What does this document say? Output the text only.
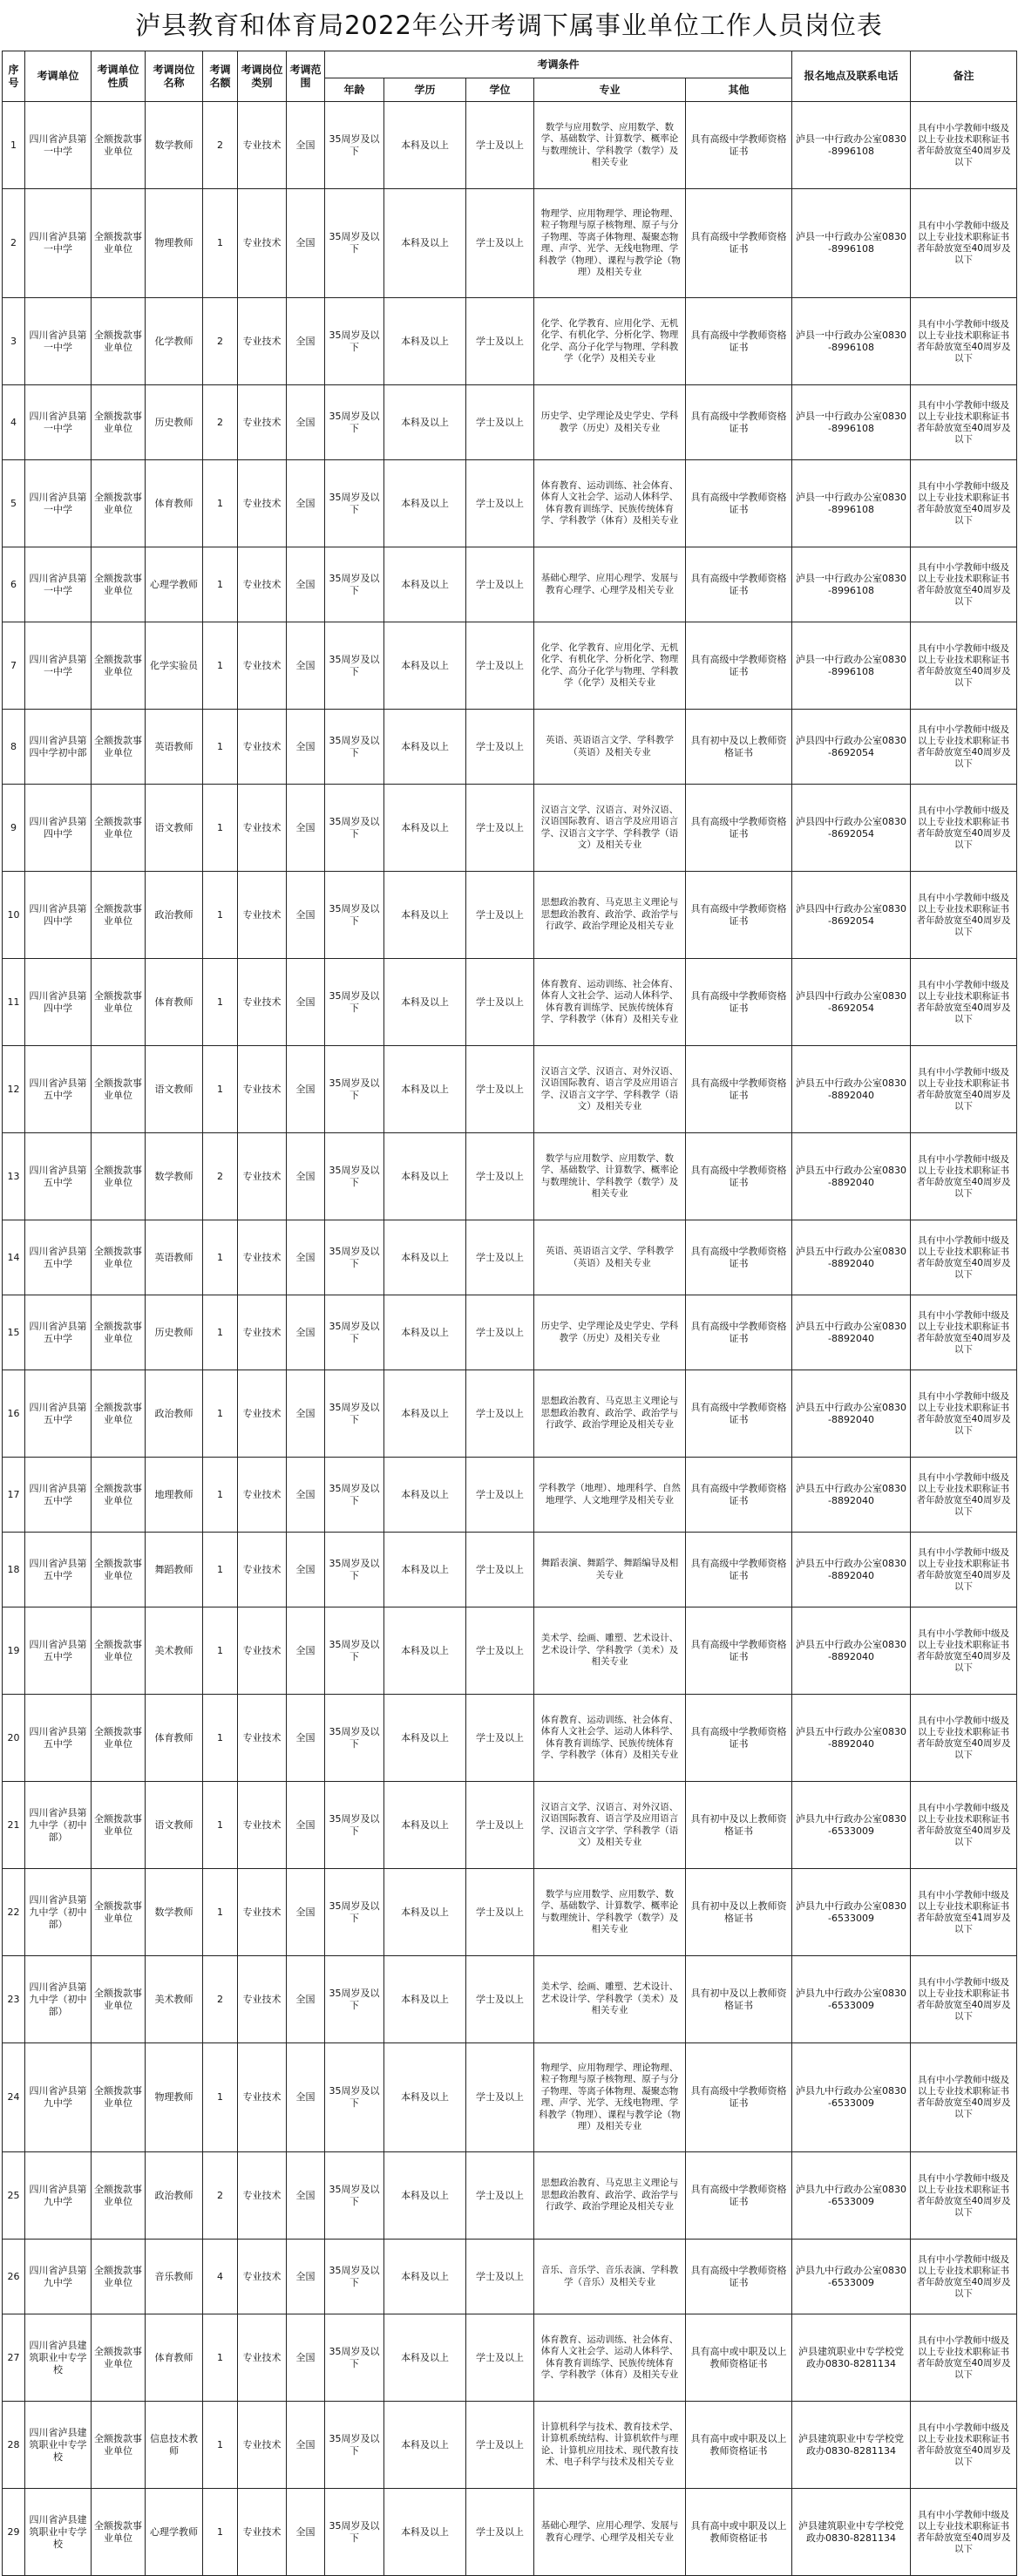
泸县教育和体育局2022年公开考调下属事业单位工作人员岗位表
序号	考调单位	考调单位性质	考调岗位名称	考调名额	考调岗位类别	考调范围	考调条件					报名地点及联系电话	备注
							年龄	学历	学位	专业	其他		
1	四川省泸县第一中学	全额拨款事业单位	数学教师	2	专业技术	全国	35周岁及以下	本科及以上	学士及以上	数学与应用数学、应用数学、数学、基础数学、计算数学、概率论与数理统计、学科教学（数学）及相关专业	具有高级中学教师资格证书	泸县一中行政办公室0830-8996108	具有中小学教师中级及以上专业技术职称证书者年龄放宽至40周岁及以下
2	四川省泸县第一中学	全额拨款事业单位	物理教师	1	专业技术	全国	35周岁及以下	本科及以上	学士及以上	物理学、应用物理学、理论物理、粒子物理与原子核物理、原子与分子物理、等离子体物理、凝聚态物理、声学、光学、无线电物理、学科教学（物理）、课程与教学论（物理）及相关专业	具有高级中学教师资格证书	泸县一中行政办公室0830-8996108	具有中小学教师中级及以上专业技术职称证书者年龄放宽至40周岁及以下
3	四川省泸县第一中学	全额拨款事业单位	化学教师	2	专业技术	全国	35周岁及以下	本科及以上	学士及以上	化学、化学教育、应用化学、无机化学、有机化学、分析化学、物理化学、高分子化学与物理、学科教学（化学）及相关专业	具有高级中学教师资格证书	泸县一中行政办公室0830-8996108	具有中小学教师中级及以上专业技术职称证书者年龄放宽至40周岁及以下
4	四川省泸县第一中学	全额拨款事业单位	历史教师	2	专业技术	全国	35周岁及以下	本科及以上	学士及以上	历史学、史学理论及史学史、学科教学（历史）及相关专业	具有高级中学教师资格证书	泸县一中行政办公室0830-8996108	具有中小学教师中级及以上专业技术职称证书者年龄放宽至40周岁及以下
5	四川省泸县第一中学	全额拨款事业单位	体育教师	1	专业技术	全国	35周岁及以下	本科及以上	学士及以上	体育教育、运动训练、社会体育、体育人文社会学、运动人体科学、体育教育训练学、民族传统体育学、学科教学（体育）及相关专业	具有高级中学教师资格证书	泸县一中行政办公室0830-8996108	具有中小学教师中级及以上专业技术职称证书者年龄放宽至40周岁及以下
6	四川省泸县第一中学	全额拨款事业单位	心理学教师	1	专业技术	全国	35周岁及以下	本科及以上	学士及以上	基础心理学、应用心理学、发展与教育心理学、心理学及相关专业	具有高级中学教师资格证书	泸县一中行政办公室0830-8996108	具有中小学教师中级及以上专业技术职称证书者年龄放宽至40周岁及以下
7	四川省泸县第一中学	全额拨款事业单位	化学实验员	1	专业技术	全国	35周岁及以下	本科及以上	学士及以上	化学、化学教育、应用化学、无机化学、有机化学、分析化学、物理化学、高分子化学与物理、学科教学（化学）及相关专业	具有高级中学教师资格证书	泸县一中行政办公室0830-8996108	具有中小学教师中级及以上专业技术职称证书者年龄放宽至40周岁及以下
8	四川省泸县第四中学初中部	全额拨款事业单位	英语教师	1	专业技术	全国	35周岁及以下	本科及以上	学士及以上	英语、英语语言文学、学科教学（英语）及相关专业	具有初中及以上教师资格证书	泸县四中行政办公室0830-8692054	具有中小学教师中级及以上专业技术职称证书者年龄放宽至40周岁及以下
9	四川省泸县第四中学	全额拨款事业单位	语文教师	1	专业技术	全国	35周岁及以下	本科及以上	学士及以上	汉语言文学、汉语言、对外汉语、汉语国际教育、语言学及应用语言学、汉语言文字学、学科教学（语文）及相关专业	具有高级中学教师资格证书	泸县四中行政办公室0830-8692054	具有中小学教师中级及以上专业技术职称证书者年龄放宽至40周岁及以下
10	四川省泸县第四中学	全额拨款事业单位	政治教师	1	专业技术	全国	35周岁及以下	本科及以上	学士及以上	思想政治教育、马克思主义理论与思想政治教育、政治学、政治学与行政学、政治学理论及相关专业	具有高级中学教师资格证书	泸县四中行政办公室0830-8692054	具有中小学教师中级及以上专业技术职称证书者年龄放宽至40周岁及以下
11	四川省泸县第四中学	全额拨款事业单位	体育教师	1	专业技术	全国	35周岁及以下	本科及以上	学士及以上	体育教育、运动训练、社会体育、体育人文社会学、运动人体科学、体育教育训练学、民族传统体育学、学科教学（体育）及相关专业	具有高级中学教师资格证书	泸县四中行政办公室0830-8692054	具有中小学教师中级及以上专业技术职称证书者年龄放宽至40周岁及以下
12	四川省泸县第五中学	全额拨款事业单位	语文教师	1	专业技术	全国	35周岁及以下	本科及以上	学士及以上	汉语言文学、汉语言、对外汉语、汉语国际教育、语言学及应用语言学、汉语言文字学、学科教学（语文）及相关专业	具有高级中学教师资格证书	泸县五中行政办公室0830-8892040	具有中小学教师中级及以上专业技术职称证书者年龄放宽至40周岁及以下
13	四川省泸县第五中学	全额拨款事业单位	数学教师	2	专业技术	全国	35周岁及以下	本科及以上	学士及以上	数学与应用数学、应用数学、数学、基础数学、计算数学、概率论与数理统计、学科教学（数学）及相关专业	具有高级中学教师资格证书	泸县五中行政办公室0830-8892040	具有中小学教师中级及以上专业技术职称证书者年龄放宽至40周岁及以下
14	四川省泸县第五中学	全额拨款事业单位	英语教师	1	专业技术	全国	35周岁及以下	本科及以上	学士及以上	英语、英语语言文学、学科教学（英语）及相关专业	具有高级中学教师资格证书	泸县五中行政办公室0830-8892040	具有中小学教师中级及以上专业技术职称证书者年龄放宽至40周岁及以下
15	四川省泸县第五中学	全额拨款事业单位	历史教师	1	专业技术	全国	35周岁及以下	本科及以上	学士及以上	历史学、史学理论及史学史、学科教学（历史）及相关专业	具有高级中学教师资格证书	泸县五中行政办公室0830-8892040	具有中小学教师中级及以上专业技术职称证书者年龄放宽至40周岁及以下
16	四川省泸县第五中学	全额拨款事业单位	政治教师	1	专业技术	全国	35周岁及以下	本科及以上	学士及以上	思想政治教育、马克思主义理论与思想政治教育、政治学、政治学与行政学、政治学理论及相关专业	具有高级中学教师资格证书	泸县五中行政办公室0830-8892040	具有中小学教师中级及以上专业技术职称证书者年龄放宽至40周岁及以下
17	四川省泸县第五中学	全额拨款事业单位	地理教师	1	专业技术	全国	35周岁及以下	本科及以上	学士及以上	学科教学（地理）、地理科学、自然地理学、人文地理学及相关专业	具有高级中学教师资格证书	泸县五中行政办公室0830-8892040	具有中小学教师中级及以上专业技术职称证书者年龄放宽至40周岁及以下
18	四川省泸县第五中学	全额拨款事业单位	舞蹈教师	1	专业技术	全国	35周岁及以下	本科及以上	学士及以上	舞蹈表演、舞蹈学、舞蹈编导及相关专业	具有高级中学教师资格证书	泸县五中行政办公室0830-8892040	具有中小学教师中级及以上专业技术职称证书者年龄放宽至40周岁及以下
19	四川省泸县第五中学	全额拨款事业单位	美术教师	1	专业技术	全国	35周岁及以下	本科及以上	学士及以上	美术学、绘画、雕塑、艺术设计、艺术设计学、学科教学（美术）及相关专业	具有高级中学教师资格证书	泸县五中行政办公室0830-8892040	具有中小学教师中级及以上专业技术职称证书者年龄放宽至40周岁及以下
20	四川省泸县第五中学	全额拨款事业单位	体育教师	1	专业技术	全国	35周岁及以下	本科及以上	学士及以上	体育教育、运动训练、社会体育、体育人文社会学、运动人体科学、体育教育训练学、民族传统体育学、学科教学（体育）及相关专业	具有高级中学教师资格证书	泸县五中行政办公室0830-8892040	具有中小学教师中级及以上专业技术职称证书者年龄放宽至40周岁及以下
21	四川省泸县第九中学（初中部）	全额拨款事业单位	语文教师	1	专业技术	全国	35周岁及以下	本科及以上	学士及以上	汉语言文学、汉语言、对外汉语、汉语国际教育、语言学及应用语言学、汉语言文字学、学科教学（语文）及相关专业	具有初中及以上教师资格证书	泸县九中行政办公室0830-6533009	具有中小学教师中级及以上专业技术职称证书者年龄放宽至40周岁及以下
22	四川省泸县第九中学（初中部）	全额拨款事业单位	数学教师	1	专业技术	全国	35周岁及以下	本科及以上	学士及以上	数学与应用数学、应用数学、数学、基础数学、计算数学、概率论与数理统计、学科教学（数学）及相关专业	具有初中及以上教师资格证书	泸县九中行政办公室0830-6533009	具有中小学教师中级及以上专业技术职称证书者年龄放宽至41周岁及以下
23	四川省泸县第九中学（初中部）	全额拨款事业单位	美术教师	2	专业技术	全国	35周岁及以下	本科及以上	学士及以上	美术学、绘画、雕塑、艺术设计、艺术设计学、学科教学（美术）及相关专业	具有初中及以上教师资格证书	泸县九中行政办公室0830-6533009	具有中小学教师中级及以上专业技术职称证书者年龄放宽至40周岁及以下
24	四川省泸县第九中学	全额拨款事业单位	物理教师	1	专业技术	全国	35周岁及以下	本科及以上	学士及以上	物理学、应用物理学、理论物理、粒子物理与原子核物理、原子与分子物理、等离子体物理、凝聚态物理、声学、光学、无线电物理、学科教学（物理）、课程与教学论（物理）及相关专业	具有高级中学教师资格证书	泸县九中行政办公室0830-6533009	具有中小学教师中级及以上专业技术职称证书者年龄放宽至40周岁及以下
25	四川省泸县第九中学	全额拨款事业单位	政治教师	2	专业技术	全国	35周岁及以下	本科及以上	学士及以上	思想政治教育、马克思主义理论与思想政治教育、政治学、政治学与行政学、政治学理论及相关专业	具有高级中学教师资格证书	泸县九中行政办公室0830-6533009	具有中小学教师中级及以上专业技术职称证书者年龄放宽至40周岁及以下
26	四川省泸县第九中学	全额拨款事业单位	音乐教师	4	专业技术	全国	35周岁及以下	本科及以上	学士及以上	音乐、音乐学、音乐表演、学科教学（音乐）及相关专业	具有高级中学教师资格证书	泸县九中行政办公室0830-6533009	具有中小学教师中级及以上专业技术职称证书者年龄放宽至40周岁及以下
27	四川省泸县建筑职业中专学校	全额拨款事业单位	体育教师	1	专业技术	全国	35周岁及以下	本科及以上	学士及以上	体育教育、运动训练、社会体育、体育人文社会学、运动人体科学、体育教育训练学、民族传统体育学、学科教学（体育）及相关专业	具有高中或中职及以上教师资格证书	泸县建筑职业中专学校党政办0830-8281134	具有中小学教师中级及以上专业技术职称证书者年龄放宽至40周岁及以下
28	四川省泸县建筑职业中专学校	全额拨款事业单位	信息技术教师	1	专业技术	全国	35周岁及以下	本科及以上	学士及以上	计算机科学与技术、教育技术学、计算机系统结构、计算机软件与理论、计算机应用技术、现代教育技术、电子科学与技术及相关专业	具有高中或中职及以上教师资格证书	泸县建筑职业中专学校党政办0830-8281134	具有中小学教师中级及以上专业技术职称证书者年龄放宽至40周岁及以下
29	四川省泸县建筑职业中专学校	全额拨款事业单位	心理学教师	1	专业技术	全国	35周岁及以下	本科及以上	学士及以上	基础心理学、应用心理学、发展与教育心理学、心理学及相关专业	具有高中或中职及以上教师资格证书	泸县建筑职业中专学校党政办0830-8281134	具有中小学教师中级及以上专业技术职称证书者年龄放宽至40周岁及以下
